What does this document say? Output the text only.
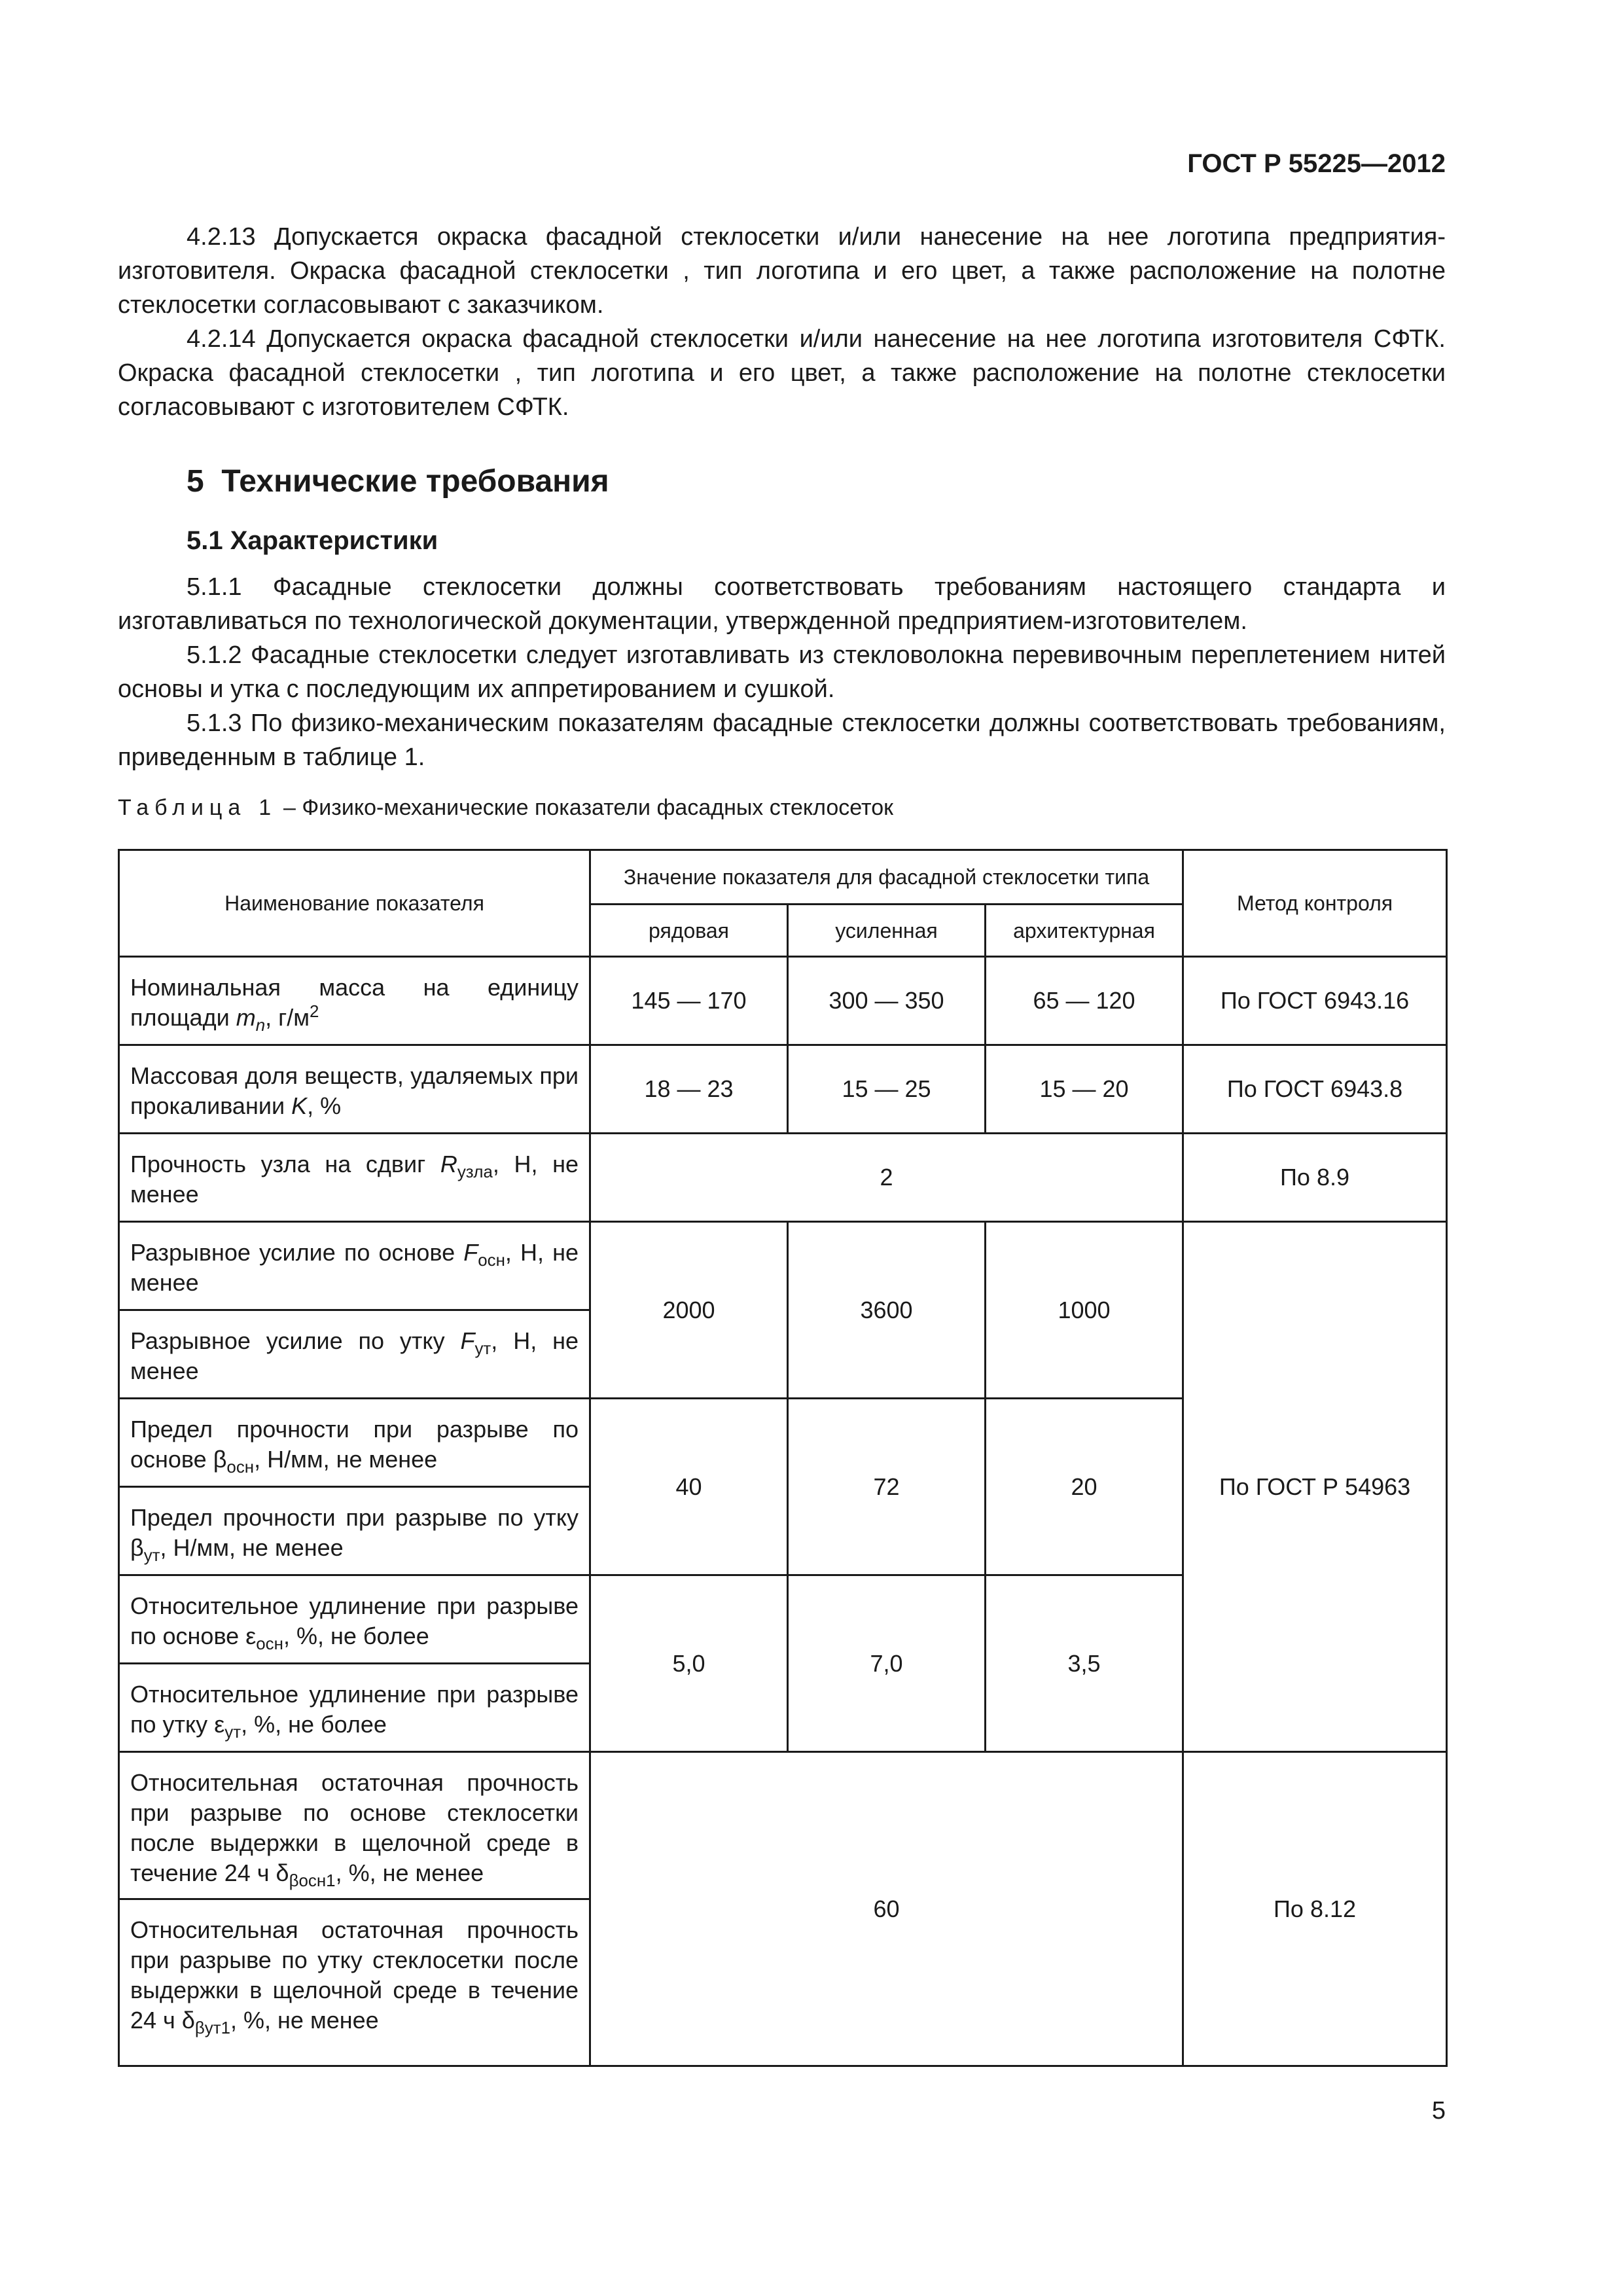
ГОСТ Р 55225—2012

4.2.13 Допускается окраска фасадной стеклосетки и/или нанесение на нее логотипа предприятия-изготовителя. Окраска фасадной стеклосетки , тип логотипа и его цвет, а также расположение на полотне стеклосетки согласовывают с заказчиком.

4.2.14 Допускается окраска фасадной стеклосетки и/или нанесение на нее логотипа изготовителя СФТК. Окраска фасадной стеклосетки , тип логотипа и его цвет, а также расположение на полотне стеклосетки согласовывают с изготовителем СФТК.

5 Технические требования
5.1 Характеристики

5.1.1 Фасадные стеклосетки должны соответствовать требованиям настоящего стандарта и изготавливаться по технологической документации, утвержденной предприятием-изготовителем.

5.1.2 Фасадные стеклосетки следует изготавливать из стекловолокна перевивочным переплетением нитей основы и утка с последующим их аппретированием и сушкой.

5.1.3 По физико-механическим показателям фасадные стеклосетки должны соответствовать требованиям, приведенным в таблице 1.

Таблица 1 – Физико-механические показатели фасадных стеклосеток
Наименование показателя	Значение показателя для фасадной стеклосетки типа			Метод контроля
	рядовая	усиленная	архитектурная	
Номинальная масса на единицу площади $m_n$, $г/м^2$	145 — 170	300 — 350	65 — 120	По ГОСТ 6943.16
Массовая доля веществ, удаляемых при прокаливании K, %	18 — 23	15 — 25	15 — 20	По ГОСТ 6943.8
Прочность узла на сдвиг $R_{узла}$, Н, не менее	2			По 8.9
Разрывное усилие по основе $F_{осн}$, Н, не менее	2000	3600	1000	По ГОСТ Р 54963
Разрывное усилие по утку $F_{ут}$, Н, не менее				
Предел прочности при разрыве по основе $\beta_{осн}$, Н/мм, не менее	40	72	20	
Предел прочности при разрыве по утку $\beta_{ут}$, Н/мм, не менее				
Относительное удлинение при разрыве по основе $\varepsilon_{осн}$, %, не более	5,0	7,0	3,5	
Относительное удлинение при разрыве по утку $\varepsilon_{ут}$, %, не более				
Относительная остаточная прочность при разрыве по основе стеклосетки после выдержки в щелочной среде в течение 24 ч $\delta_{\beta осн1}$, %, не менее	60			По 8.12
Относительная остаточная прочность при разрыве по утку стеклосетки после выдержки в щелочной среде в течение 24 ч $\delta_{\beta ут1}$, %, не менее				
5
